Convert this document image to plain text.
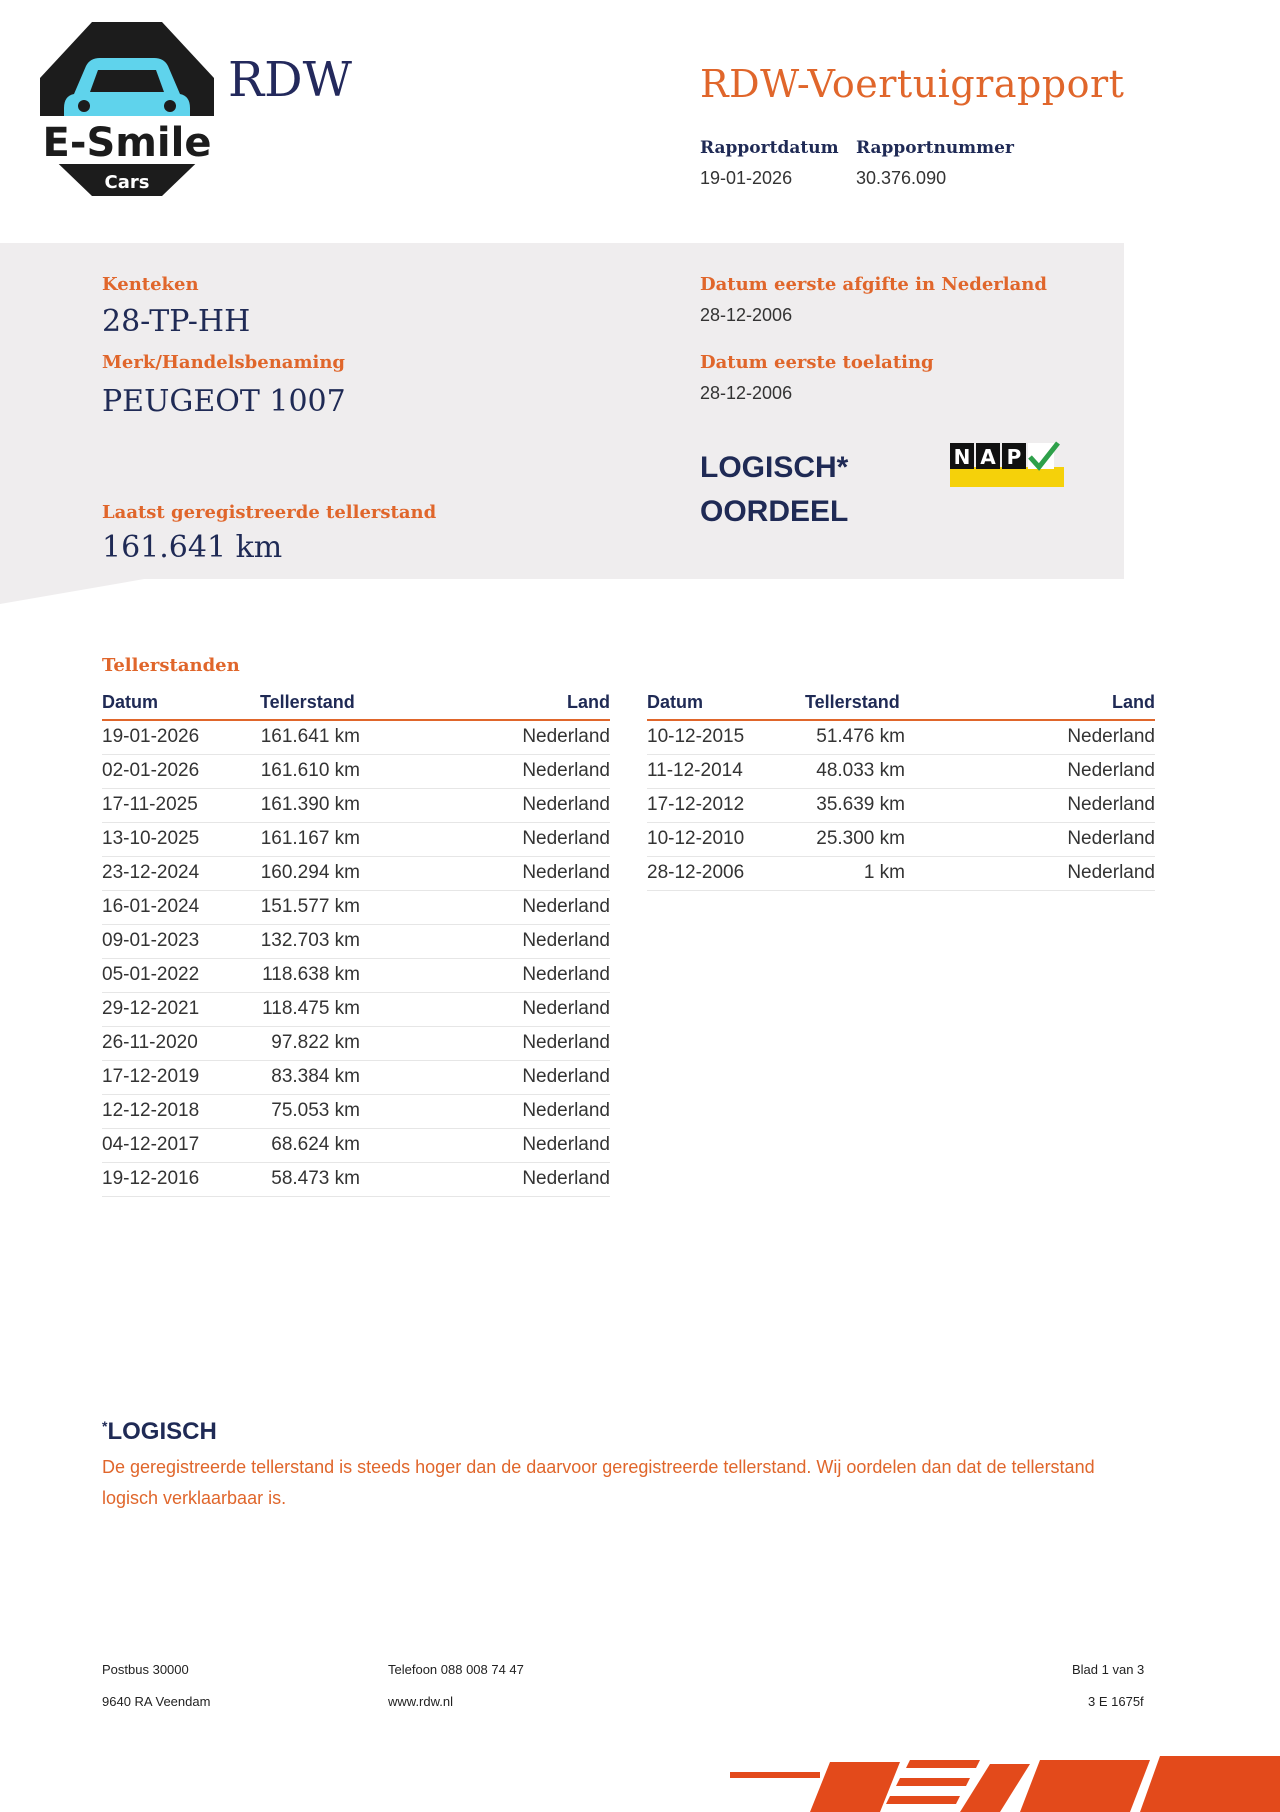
E-Smile
Cars
RDW	RDW-Voertuigrapport
Rapportdatum
19-01-2026
Rapportnummer
30.376.090
Kenteken
28-TP-HH
Merk/Handelsbenaming
PEUGEOT 1007
Laatst geregistreerde tellerstand
161.641 km
Datum eerste afgifte in Nederland
28-12-2006
Datum eerste toelating
28-12-2006
LOGISCH*
OORDEEL
N A P
Tellerstanden
Datum	Tellerstand	Land
19-01-2026	161.641 km	Nederland
02-01-2026	161.610 km	Nederland
17-11-2025	161.390 km	Nederland
13-10-2025	161.167 km	Nederland
23-12-2024	160.294 km	Nederland
16-01-2024	151.577 km	Nederland
09-01-2023	132.703 km	Nederland
05-01-2022	118.638 km	Nederland
29-12-2021	118.475 km	Nederland
26-11-2020	97.822 km	Nederland
17-12-2019	83.384 km	Nederland
12-12-2018	75.053 km	Nederland
04-12-2017	68.624 km	Nederland
19-12-2016	58.473 km	Nederland
Datum	Tellerstand	Land
10-12-2015	51.476 km	Nederland
11-12-2014	48.033 km	Nederland
17-12-2012	35.639 km	Nederland
10-12-2010	25.300 km	Nederland
28-12-2006	1 km	Nederland
*LOGISCH
De geregistreerde tellerstand is steeds hoger dan de daarvoor geregistreerde tellerstand. Wij oordelen dan dat de tellerstand logisch verklaarbaar is.
Postbus 30000
9640 RA Veendam
Telefoon 088 008 74 47
www.rdw.nl
Blad 1 van 3
3 E 1675f
